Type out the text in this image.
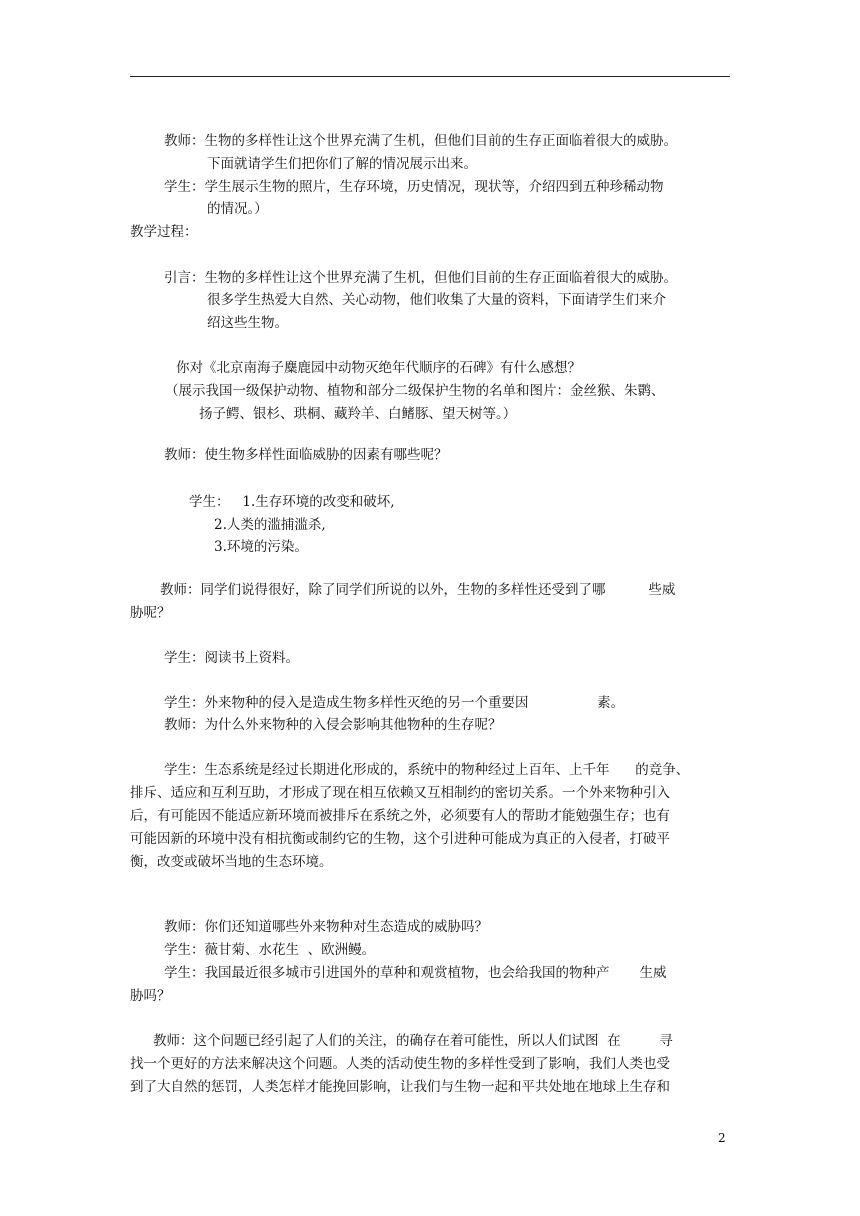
教师：生物的多样性让这个世界充满了生机，但他们目前的生存正面临着很大的威胁。
下面就请学生们把你们了解的情况展示出来。
学生：学生展示生物的照片，生存环境，历史情况，现状等，介绍四到五种珍稀动物
的情况。）
教学过程：
引言：生物的多样性让这个世界充满了生机，但他们目前的生存正面临着很大的威胁。
很多学生热爱大自然、关心动物，他们收集了大量的资料，下面请学生们来介
绍这些生物。
你对《北京南海子麋鹿园中动物灭绝年代顺序的石碑》有什么感想？
（展示我国一级保护动物、植物和部分二级保护生物的名单和图片：金丝猴、朱鹮、
扬子鳄、银杉、珙桐、藏羚羊、白鳍豚、望天树等。）
教师：使生物多样性面临威胁的因素有哪些呢？
学生：   1.生存环境的改变和破坏,
2.人类的滥捕滥杀,
3.环境的污染。
教师：同学们说得很好，除了同学们所说的以外，生物的多样性还受到了哪          些威
胁呢？
学生：阅读书上资料。
学生：外来物种的侵入是造成生物多样性灭绝的另一个重要因                素。
教师：为什么外来物种的入侵会影响其他物种的生存呢？
学生：生态系统是经过长期进化形成的，系统中的物种经过上百年、上千年      的竞争、
排斥、适应和互利互助，才形成了现在相互依赖又互相制约的密切关系。一个外来物种引入
后，有可能因不能适应新环境而被排斥在系统之外，必须要有人的帮助才能勉强生存；也有
可能因新的环境中没有相抗衡或制约它的生物，这个引进种可能成为真正的入侵者，打破平
衡，改变或破坏当地的生态环境。
教师：你们还知道哪些外来物种对生态造成的威胁吗？
学生：薇甘菊、水花生  、欧洲鳗。
学生：我国最近很多城市引进国外的草种和观赏植物，也会给我国的物种产       生威
胁吗？
教师：这个问题已经引起了人们的关注，的确存在着可能性，所以人们试图  在         寻
找一个更好的方法来解决这个问题。人类的活动使生物的多样性受到了影响，我们人类也受
到了大自然的惩罚，人类怎样才能挽回影响，让我们与生物一起和平共处地在地球上生存和
2
